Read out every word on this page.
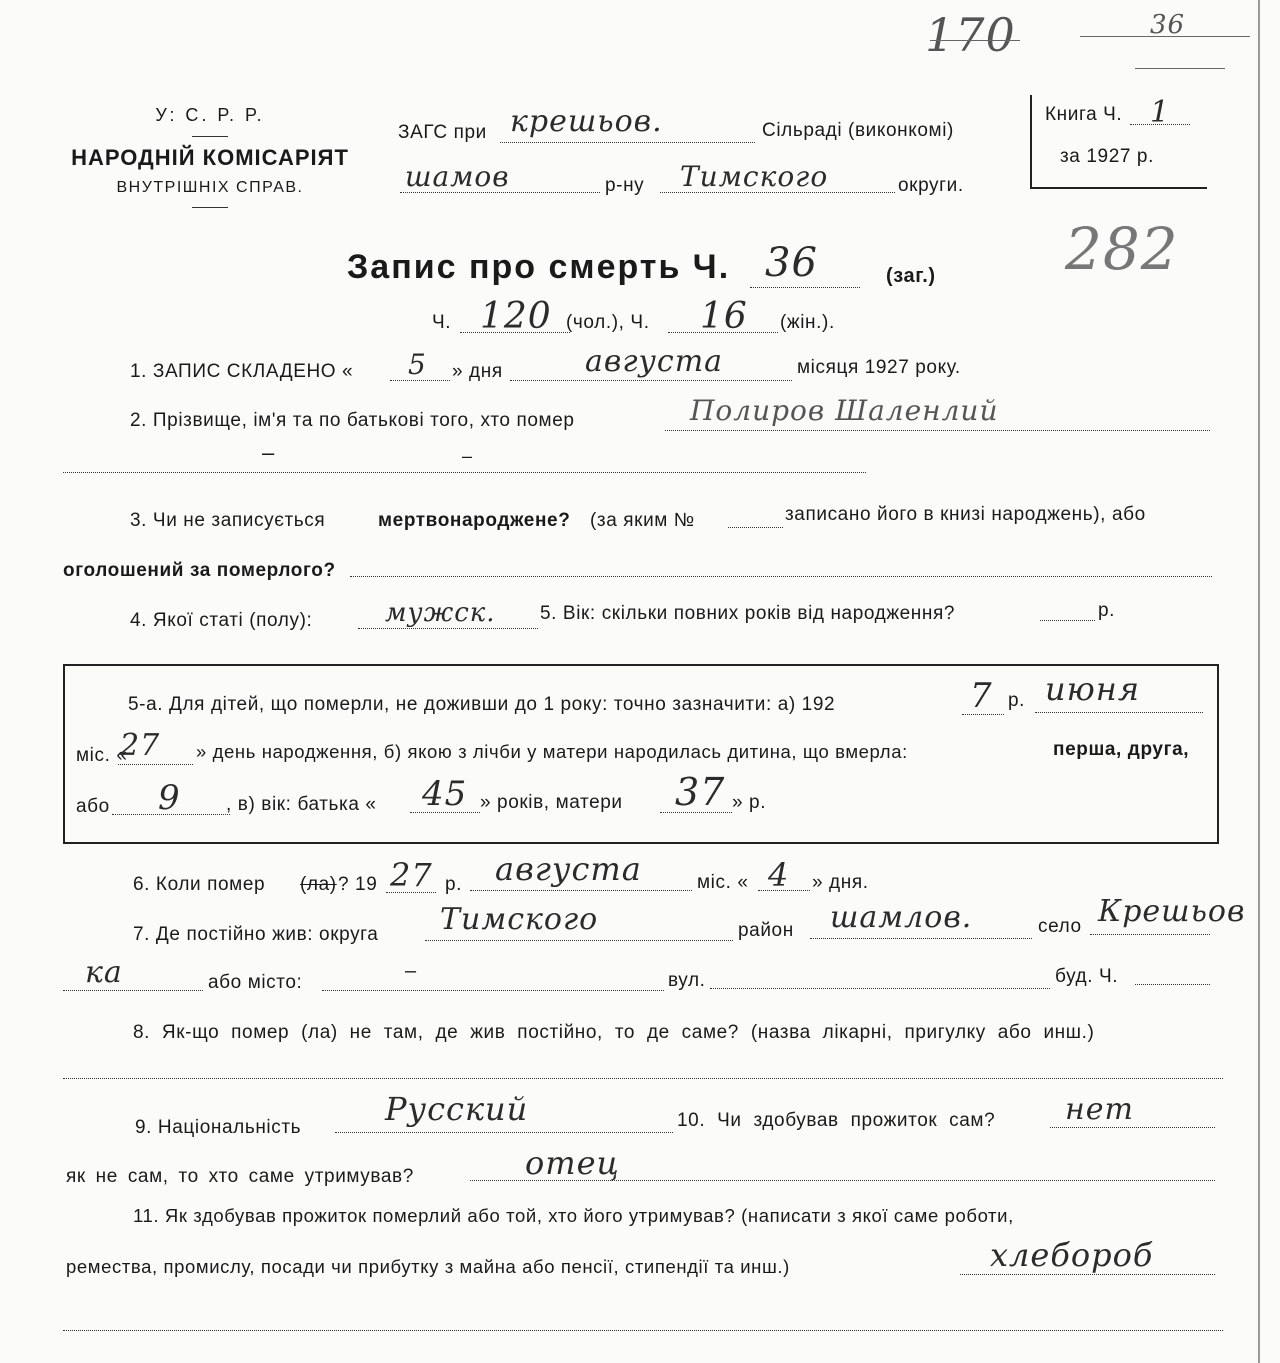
170	36
282
У: С. Р. Р.
НАРОДНІЙ КОМІСАРІЯТ
ВНУТРІШНІХ СПРАВ.
ЗАГС при крешьов.	Сільраді (виконкомі)
шамов	р-ну Тимского	округи.
Книга Ч. 1
за 1927 р.
Запис про смерть Ч. 36	(заг.)
Ч. 120 (чол.), Ч. 16 (жін.).
1. ЗАПИС СКЛАДЕНО « 5 » дня	августа	місяця 1927 року.
2. Прізвище, ім'я та по батькові того, хто помер	Полиров Шаленлий
–	–
3. Чи не записується	мертвонароджене? (за яким №	записано його в книзі народжень), або
оголошений за померлого?
4. Якої статі (полу):	мужск. 5. Вік: скільки повних років від народження?	р.
5-а. Для дітей, що померли, не доживши до 1 року: точно зазначити: а) 192	7 р. июня
міс. «
27 » день народження, б) якою з лічби у матери народилась дитина, що вмерла:	перша, друга,
або 9 , в) вік: батька « 45 » років, матери 37 » р.
6. Коли помер (ла) ? 19 27 р. августа	міс. « 4 » дня.
7. Де постійно жив: округа Тимского	район шамлов.	село Крешьов
ка	або місто:
–	вул.	буд. Ч.
8. Як-що помер (ла) не там, де жив постійно, то де саме? (назва лікарні, пригулку або инш.)
9. Національність	Русский	10. Чи здобував прожиток сам? нет
як не сам, то хто саме утримував?	отец
11. Як здобував прожиток померлий або той, хто його утримував? (написати з якої саме роботи,
ремества, промислу, посади чи прибутку з майна або пенсії, стипендії та инш.)	хлебороб
